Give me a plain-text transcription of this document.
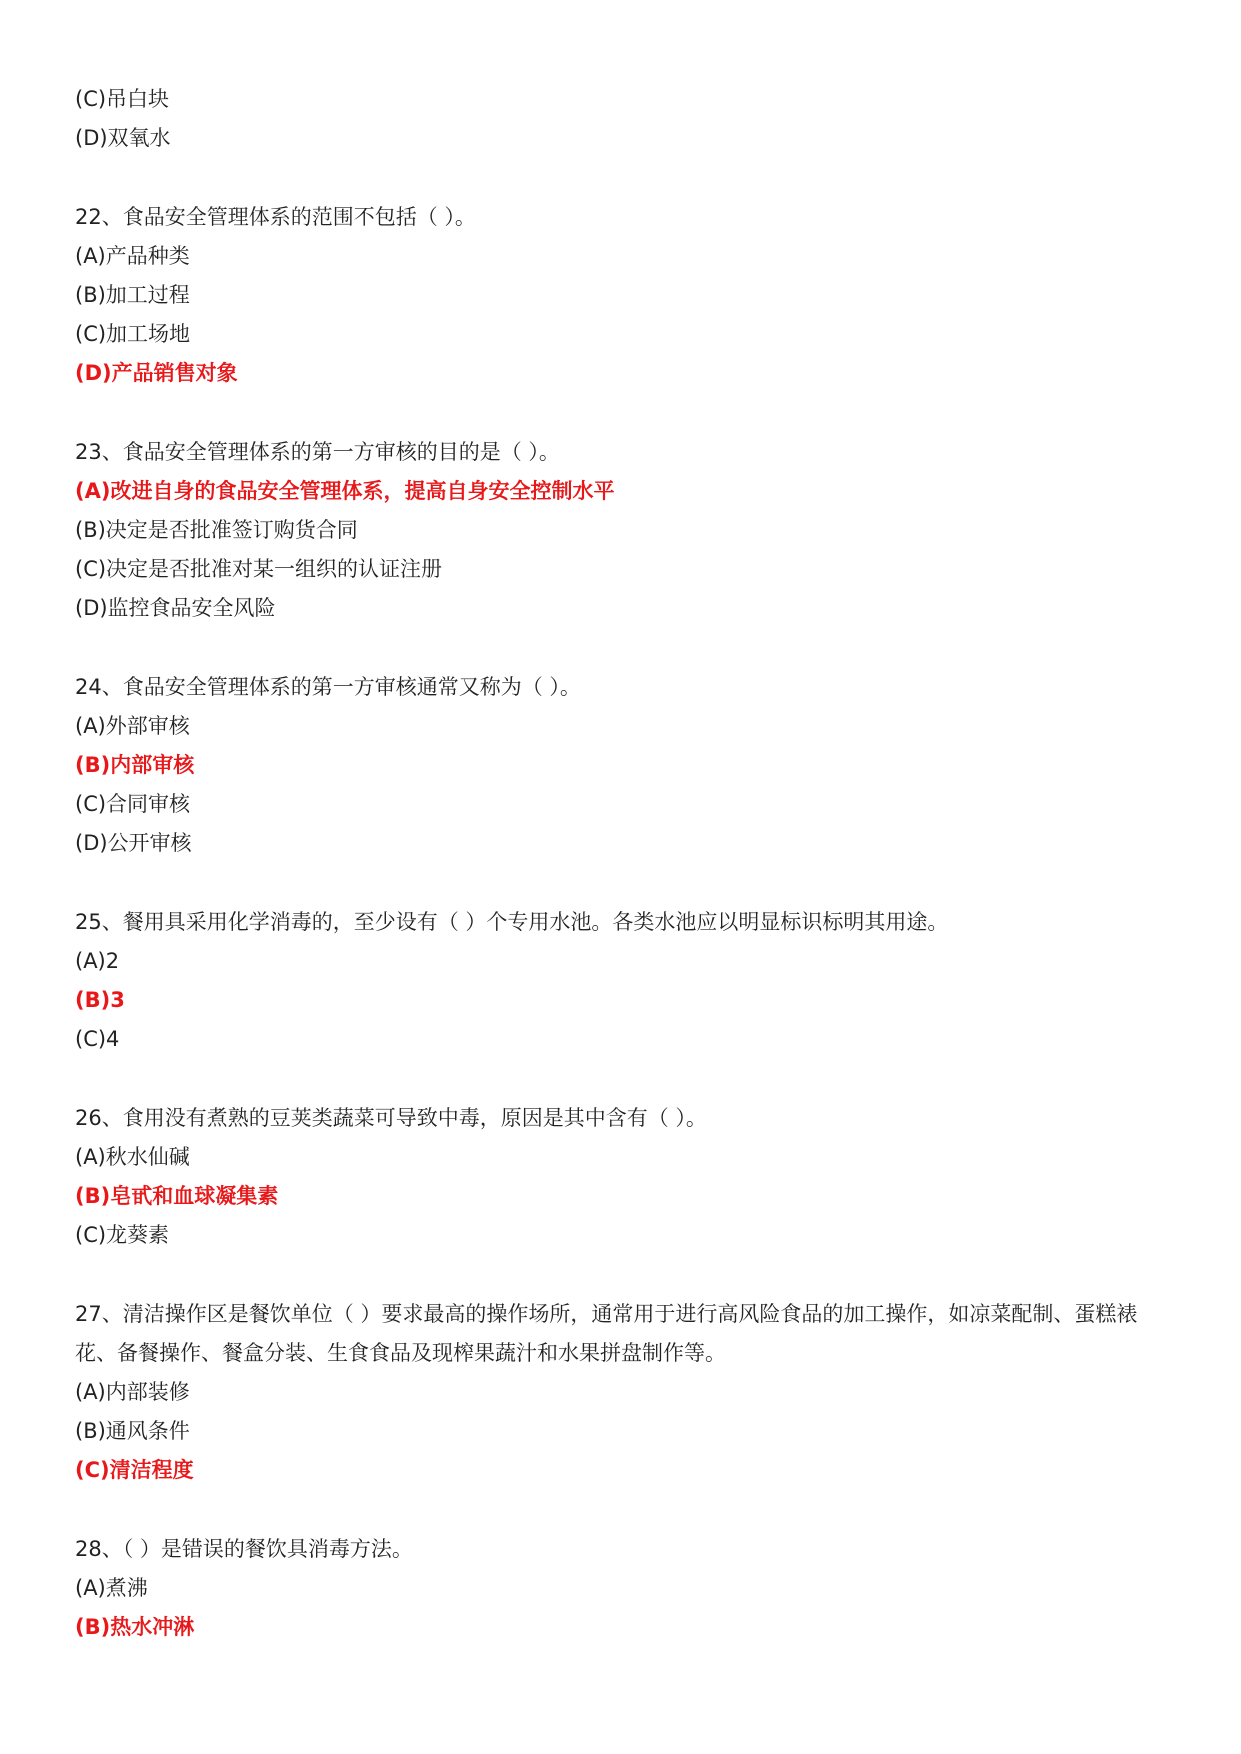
(C)吊白块
(D)双氧水
22、食品安全管理体系的范围不包括（ ）。
(A)产品种类
(B)加工过程
(C)加工场地
(D)产品销售对象
23、食品安全管理体系的第一方审核的目的是（ ）。
(A)改进自身的食品安全管理体系，提高自身安全控制水平
(B)决定是否批准签订购货合同
(C)决定是否批准对某一组织的认证注册
(D)监控食品安全风险
24、食品安全管理体系的第一方审核通常又称为（ ）。
(A)外部审核
(B)内部审核
(C)合同审核
(D)公开审核
25、餐用具采用化学消毒的，至少设有（ ）个专用水池。各类水池应以明显标识标明其用途。
(A)2
(B)3
(C)4
26、食用没有煮熟的豆荚类蔬菜可导致中毒，原因是其中含有（ ）。
(A)秋水仙碱
(B)皂甙和血球凝集素
(C)龙葵素
27、清洁操作区是餐饮单位（ ）要求最高的操作场所，通常用于进行高风险食品的加工操作，如凉菜配制、蛋糕裱花、备餐操作、餐盒分装、生食食品及现榨果蔬汁和水果拼盘制作等。
(A)内部装修
(B)通风条件
(C)清洁程度
28、（ ）是错误的餐饮具消毒方法。
(A)煮沸
(B)热水冲淋
